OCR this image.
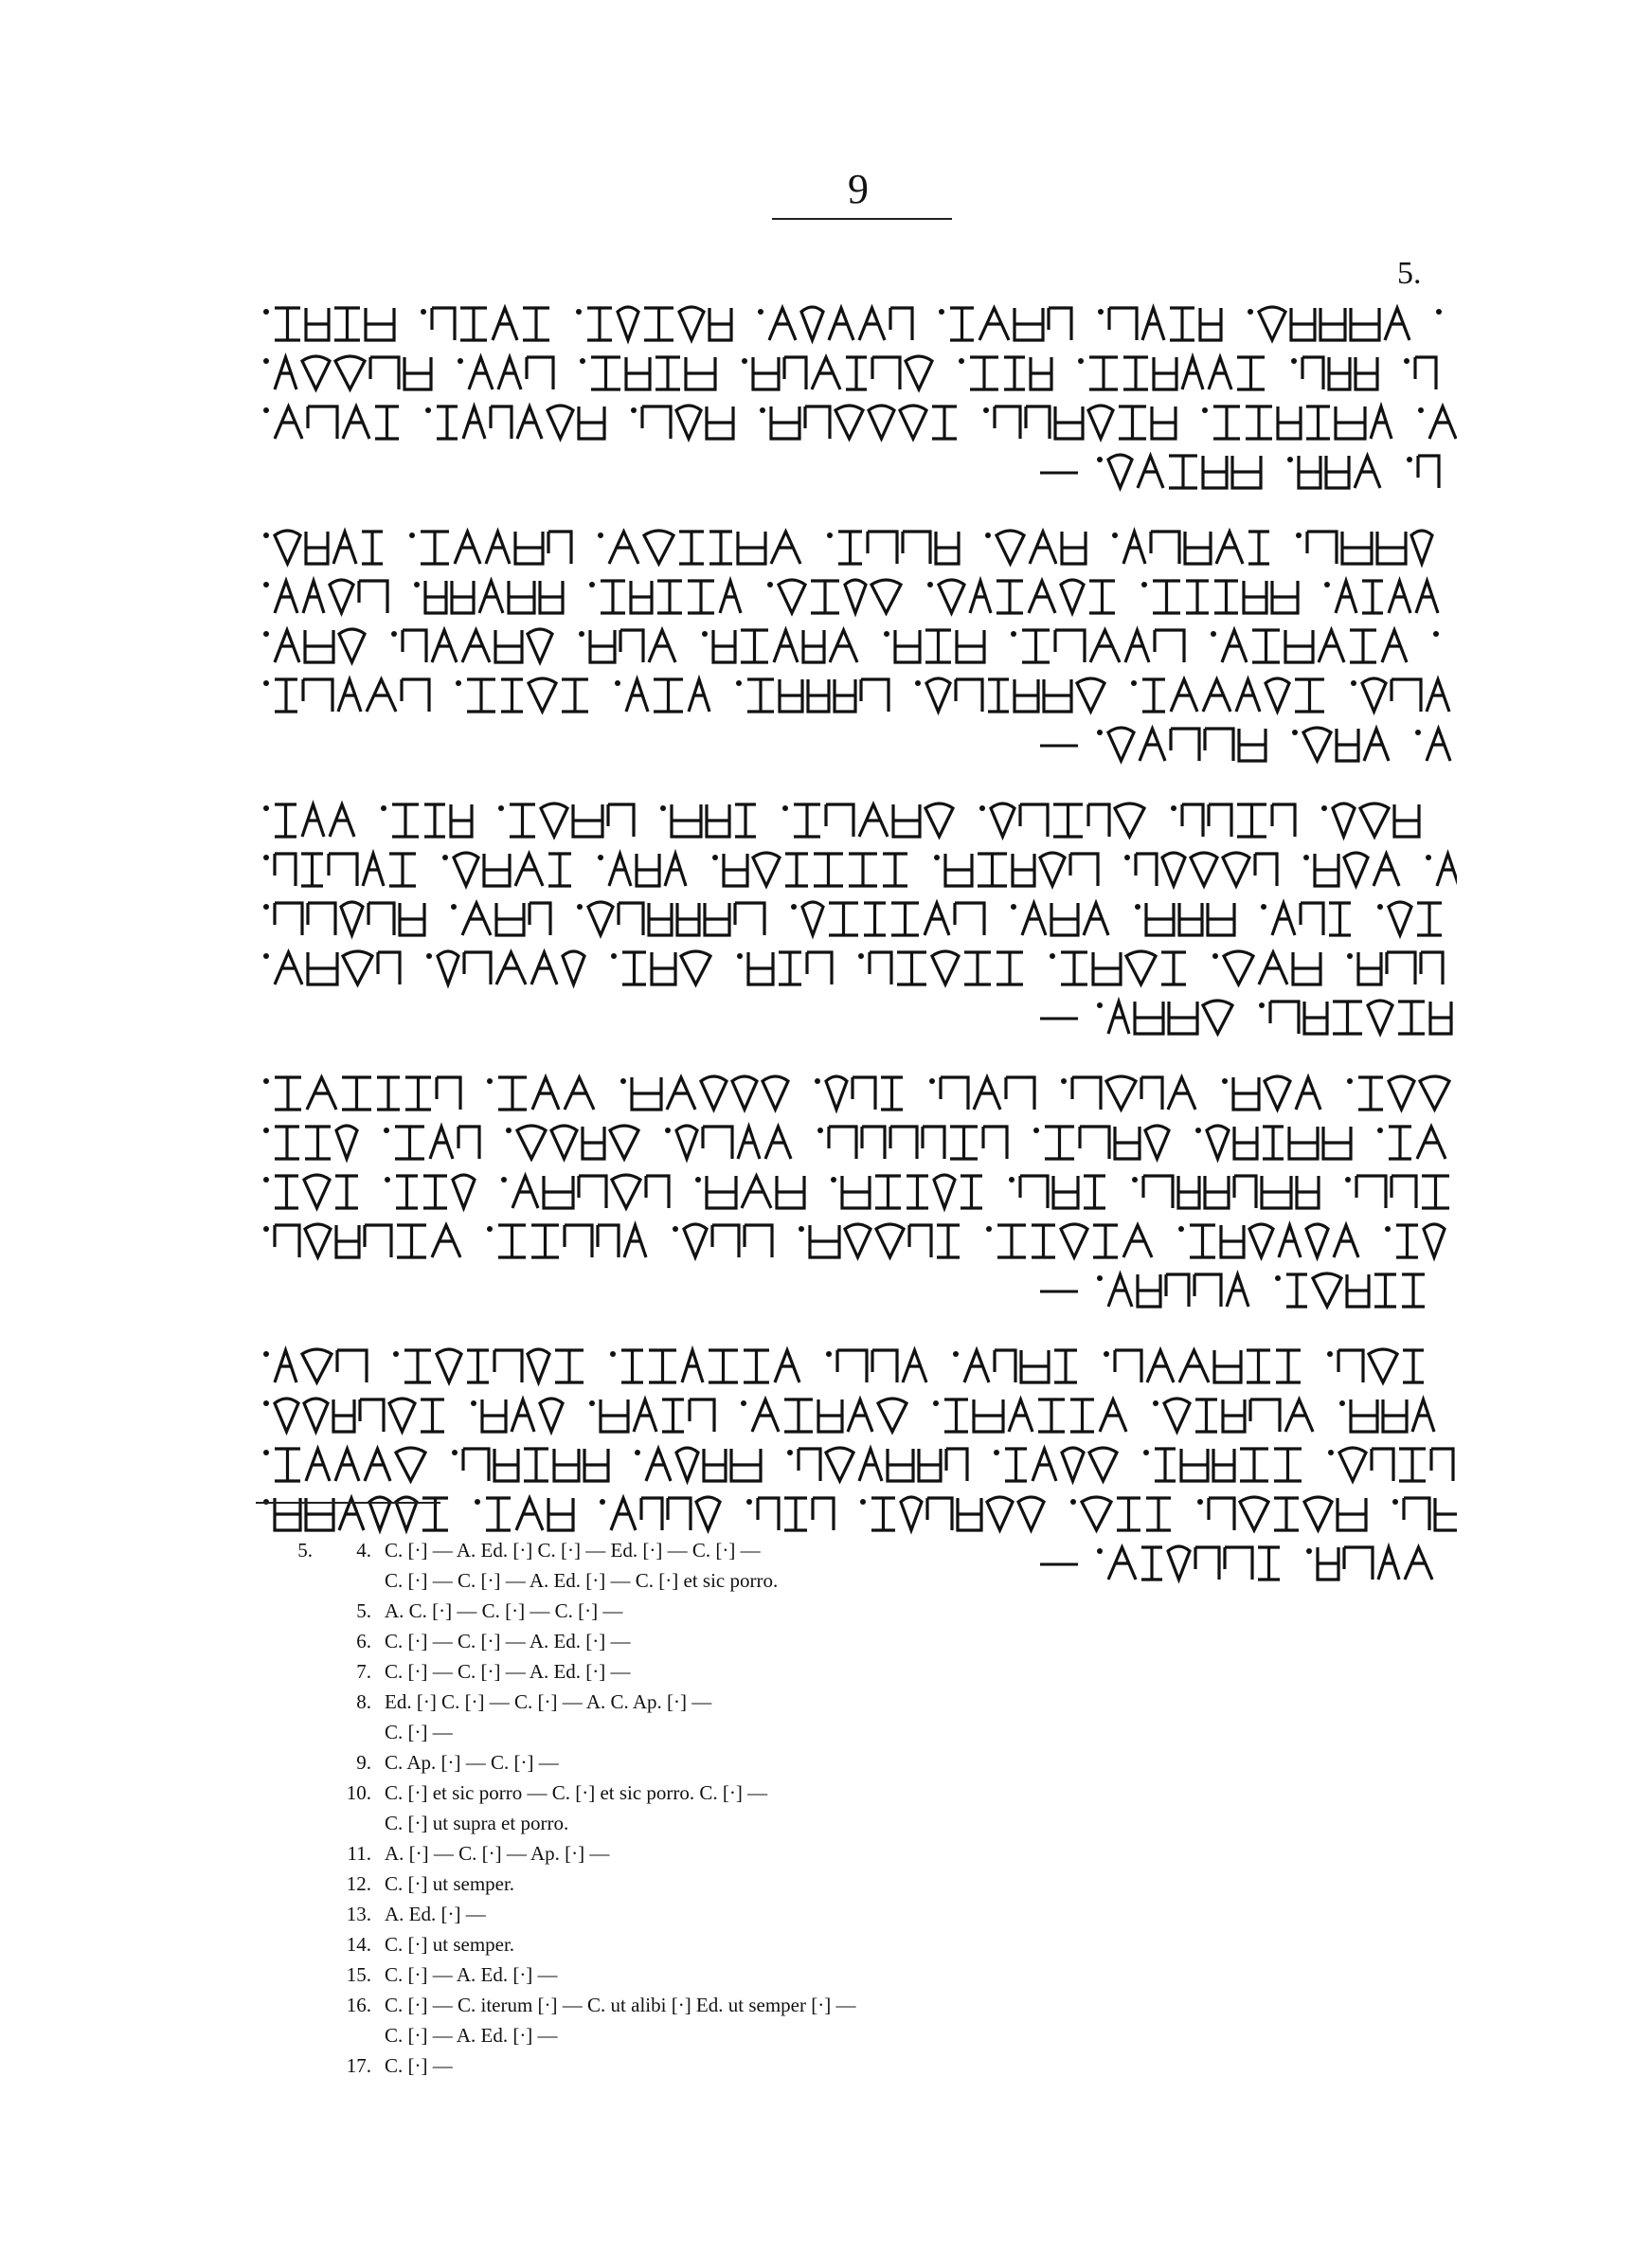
9
5.
5. 4. C. [·] — A. Ed. [·] C. [·] — Ed. [·] — C. [·] —
C. [·] — C. [·] — A. Ed. [·] — C. [·] et sic porro.
5. A. C. [·] — C. [·] — C. [·] —
6. C. [·] — C. [·] — A. Ed. [·] —
7. C. [·] — C. [·] — A. Ed. [·] —
8. Ed. [·] C. [·] — C. [·] — A. C. Ap. [·] —
C. [·] —
9. C. Ap. [·] — C. [·] —
10. C. [·] et sic porro — C. [·] et sic porro. C. [·] —
C. [·] ut supra et porro.
11. A. [·] — C. [·] — Ap. [·] —
12. C. [·] ut semper.
13. A. Ed. [·] —
14. C. [·] ut semper.
15. C. [·] — A. Ed. [·] —
16. C. [·] — C. iterum [·] — C. ut alibi [·] Ed. ut semper [·] —
C. [·] — A. Ed. [·] —
17. C. [·] —
